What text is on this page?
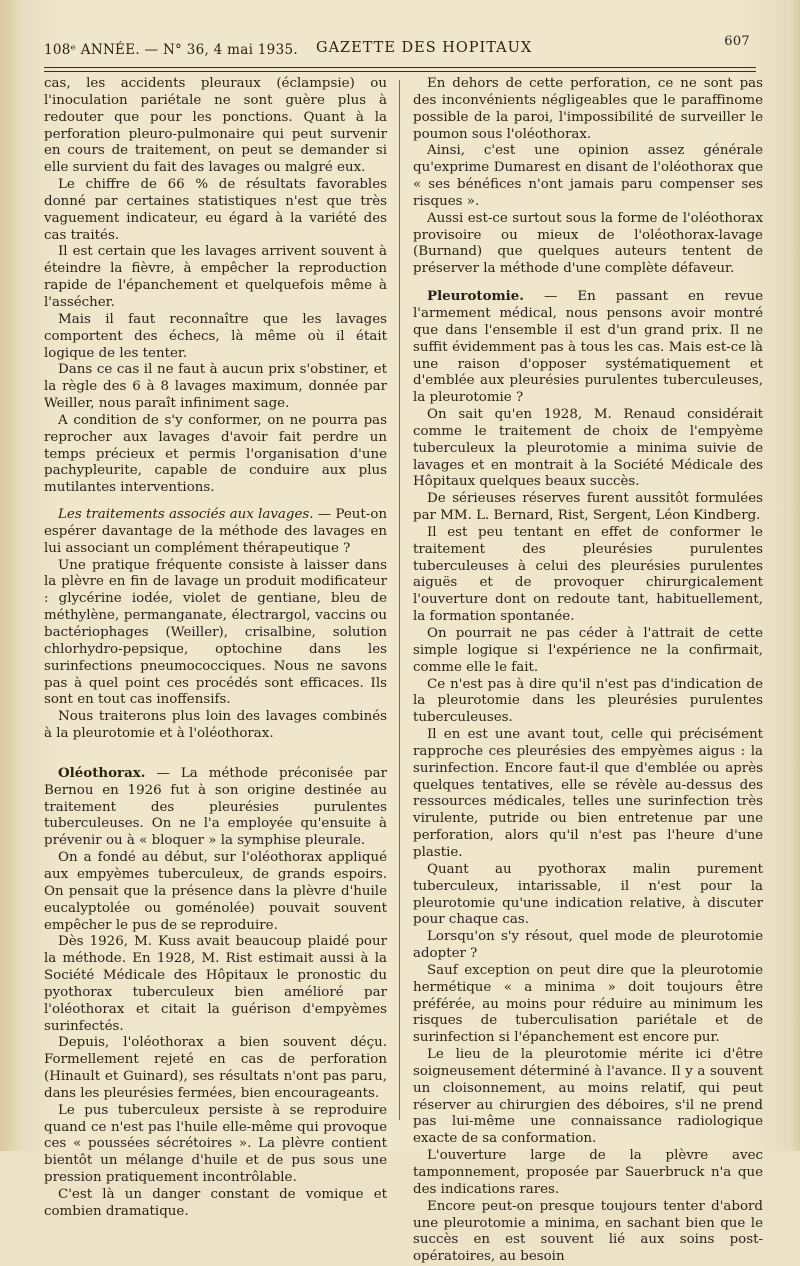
108ᵉ ANNÉE. — N° 36, 4 mai 1935. GAZETTE DES HOPITAUX	607

cas, les accidents pleuraux (éclampsie) ou l'inoculation pariétale ne sont guère plus à redouter que pour les ponctions. Quant à la perforation pleuro-pulmonaire qui peut survenir en cours de traitement, on peut se demander si elle survient du fait des lavages ou malgré eux.

Le chiffre de 66 % de résultats favorables donné par certaines statistiques n'est que très vaguement indicateur, eu égard à la variété des cas traités.

Il est certain que les lavages arrivent souvent à éteindre la fièvre, à empêcher la reproduction rapide de l'épanchement et quelquefois même à l'assécher.

Mais il faut reconnaître que les lavages comportent des échecs, là même où il était logique de les tenter.

Dans ce cas il ne faut à aucun prix s'obstiner, et la règle des 6 à 8 lavages maximum, donnée par Weiller, nous paraît infiniment sage.

A condition de s'y conformer, on ne pourra pas reprocher aux lavages d'avoir fait perdre un temps précieux et permis l'organisation d'une pachypleurite, capable de conduire aux plus mutilantes interventions.

Les traitements associés aux lavages. — Peut-on espérer davantage de la méthode des lavages en lui associant un complément thérapeutique ?

Une pratique fréquente consiste à laisser dans la plèvre en fin de lavage un produit modificateur : glycérine iodée, violet de gentiane, bleu de méthylène, permanganate, électrargol, vaccins ou bactériophages (Weiller), crisalbine, solution chlorhydro-pepsique, optochine dans les surinfections pneumococciques. Nous ne savons pas à quel point ces procédés sont efficaces. Ils sont en tout cas inoffensifs.

Nous traiterons plus loin des lavages combinés à la pleurotomie et à l'oléothorax.

Oléothorax. — La méthode préconisée par Bernou en 1926 fut à son origine destinée au traitement des pleurésies purulentes tuberculeuses. On ne l'a employée qu'ensuite à prévenir ou à « bloquer » la symphise pleurale.

On a fondé au début, sur l'oléothorax appliqué aux empyèmes tuberculeux, de grands espoirs. On pensait que la présence dans la plèvre d'huile eucalyptolée ou goménolée) pouvait souvent empêcher le pus de se reproduire.

Dès 1926, M. Kuss avait beaucoup plaidé pour la méthode. En 1928, M. Rist estimait aussi à la Société Médicale des Hôpitaux le pronostic du pyothorax tuberculeux bien amélioré par l'oléothorax et citait la guérison d'empyèmes surinfectés.

Depuis, l'oléothorax a bien souvent déçu. Formellement rejeté en cas de perforation (Hinault et Guinard), ses résultats n'ont pas paru, dans les pleurésies fermées, bien encourageants.

Le pus tuberculeux persiste à se reproduire quand ce n'est pas l'huile elle-même qui provoque ces « poussées sécrétoires ». La plèvre contient bientôt un mélange d'huile et de pus sous une pression pratiquement incontrôlable.

C'est là un danger constant de vomique et combien dramatique.

En dehors de cette perforation, ce ne sont pas des inconvénients négligeables que le paraffinome possible de la paroi, l'impossibilité de surveiller le poumon sous l'oléothorax.

Ainsi, c'est une opinion assez générale qu'exprime Dumarest en disant de l'oléothorax que « ses bénéfices n'ont jamais paru compenser ses risques ».

Aussi est-ce surtout sous la forme de l'oléothorax provisoire ou mieux de l'oléothorax-lavage (Burnand) que quelques auteurs tentent de préserver la méthode d'une complète défaveur.

Pleurotomie. — En passant en revue l'armement médical, nous pensons avoir montré que dans l'ensemble il est d'un grand prix. Il ne suffit évidemment pas à tous les cas. Mais est-ce là une raison d'opposer systématiquement et d'emblée aux pleurésies purulentes tuberculeuses, la pleurotomie ?

On sait qu'en 1928, M. Renaud considérait comme le traitement de choix de l'empyème tuberculeux la pleurotomie a minima suivie de lavages et en montrait à la Société Médicale des Hôpitaux quelques beaux succès.

De sérieuses réserves furent aussitôt formulées par MM. L. Bernard, Rist, Sergent, Léon Kindberg.

Il est peu tentant en effet de conformer le traitement des pleurésies purulentes tuberculeuses à celui des pleurésies purulentes aiguës et de provoquer chirurgicalement l'ouverture dont on redoute tant, habituellement, la formation spontanée.

On pourrait ne pas céder à l'attrait de cette simple logique si l'expérience ne la confirmait, comme elle le fait.

Ce n'est pas à dire qu'il n'est pas d'indication de la pleurotomie dans les pleurésies purulentes tuberculeuses.

Il en est une avant tout, celle qui précisément rapproche ces pleurésies des empyèmes aigus : la surinfection. Encore faut-il que d'emblée ou après quelques tentatives, elle se révèle au-dessus des ressources médicales, telles une surinfection très virulente, putride ou bien entretenue par une perforation, alors qu'il n'est pas l'heure d'une plastie.

Quant au pyothorax malin purement tuberculeux, intarissable, il n'est pour la pleurotomie qu'une indication relative, à discuter pour chaque cas.

Lorsqu'on s'y résout, quel mode de pleurotomie adopter ?

Sauf exception on peut dire que la pleurotomie hermétique « a minima » doit toujours être préférée, au moins pour réduire au minimum les risques de tuberculisation pariétale et de surinfection si l'épanchement est encore pur.

Le lieu de la pleurotomie mérite ici d'être soigneusement déterminé à l'avance. Il y a souvent un cloisonnement, au moins relatif, qui peut réserver au chirurgien des déboires, s'il ne prend pas lui-même une connaissance radiologique exacte de sa conformation.

L'ouverture large de la plèvre avec tamponnement, proposée par Sauerbruck n'a que des indications rares.

Encore peut-on presque toujours tenter d'abord une pleurotomie a minima, en sachant bien que le succès en est souvent lié aux soins post-opératoires, au besoin
